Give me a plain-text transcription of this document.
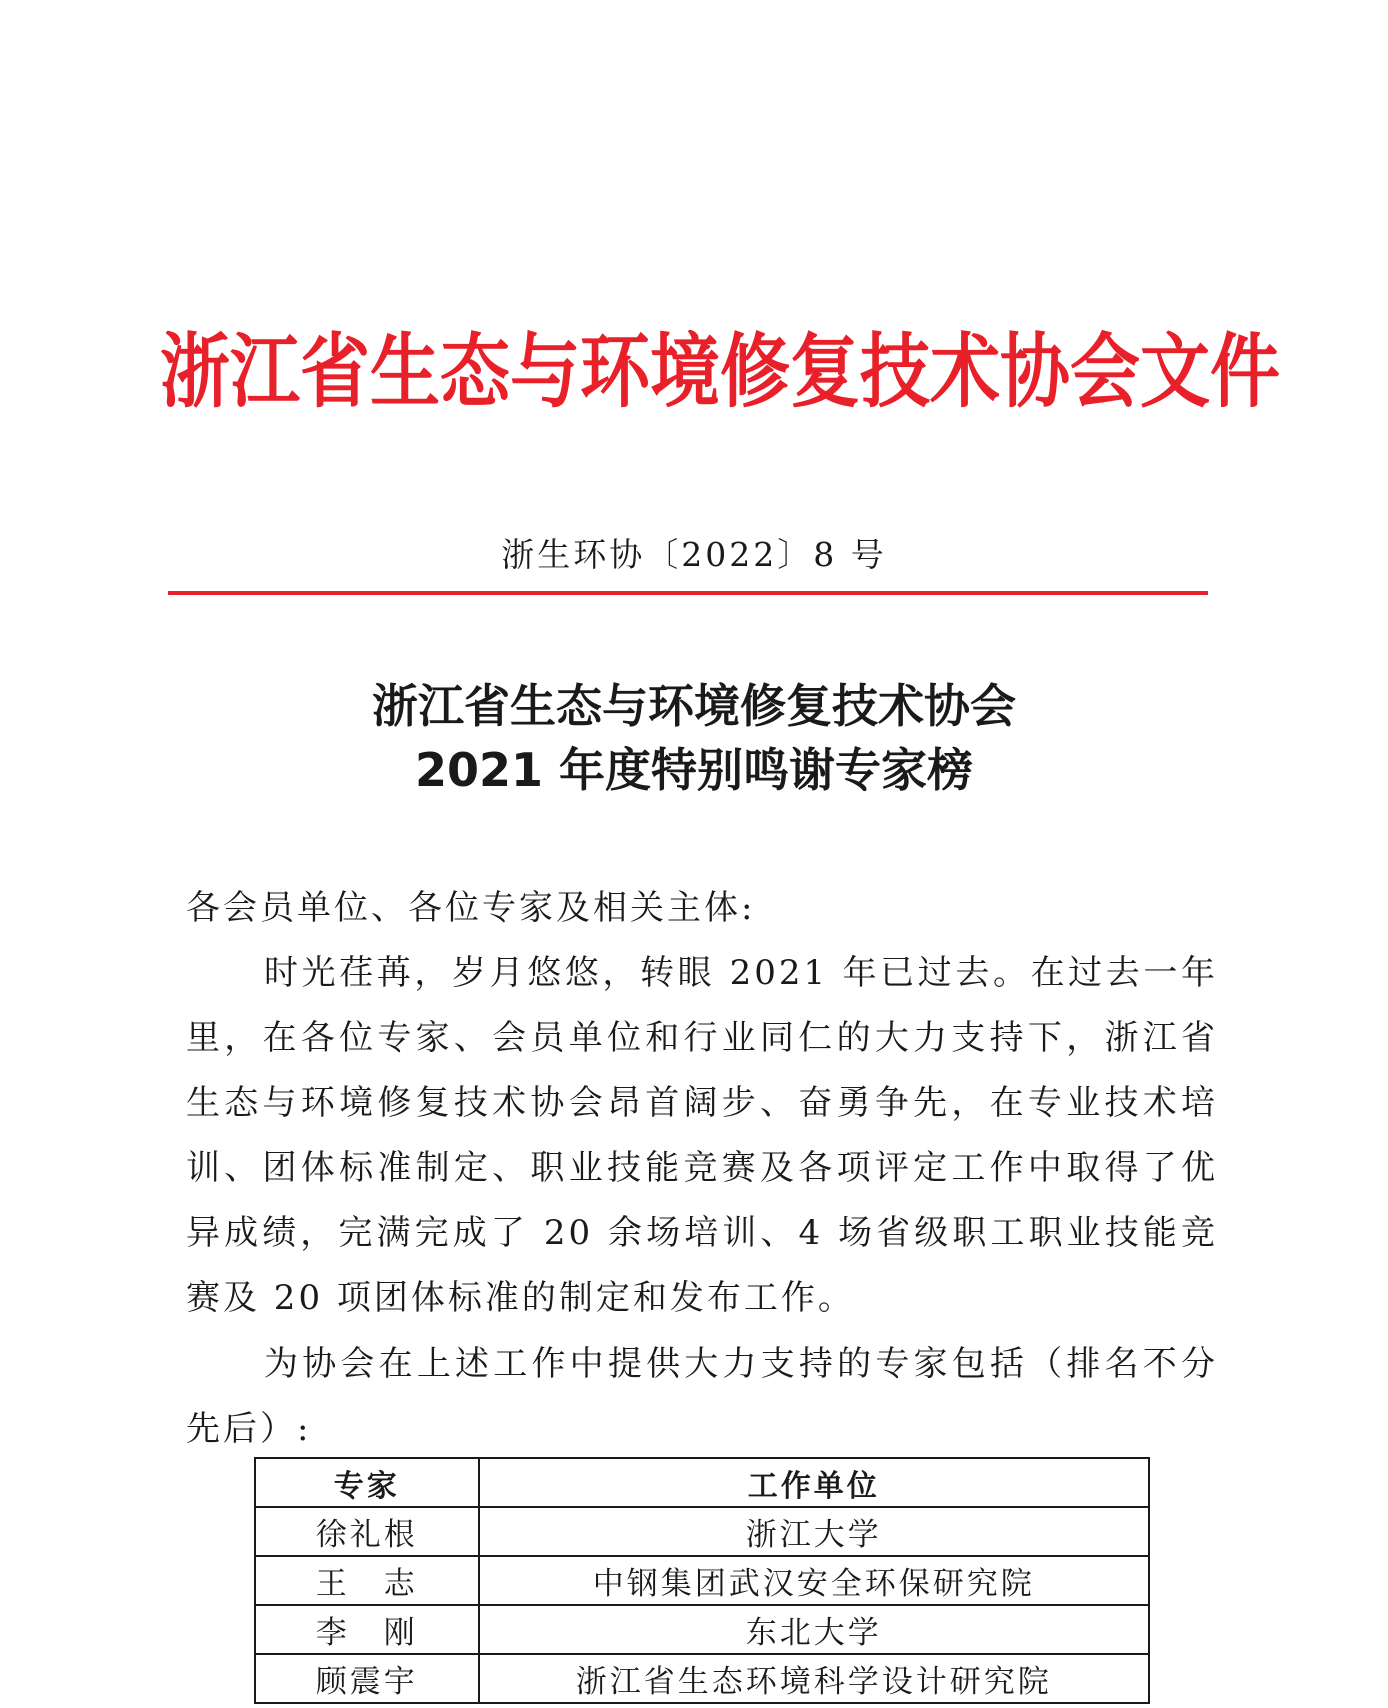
浙江省生态与环境修复技术协会文件
浙生环协〔2022〕8 号
浙江省生态与环境修复技术协会
2021 年度特别鸣谢专家榜
各会员单位、各位专家及相关主体:
时光荏苒，岁月悠悠，转眼 2021 年已过去。在过去一年里，在各位专家、会员单位和行业同仁的大力支持下，浙江省生态与环境修复技术协会昂首阔步、奋勇争先，在专业技术培训、团体标准制定、职业技能竞赛及各项评定工作中取得了优异成绩，完满完成了 20 余场培训、4 场省级职工职业技能竞赛及 20 项团体标准的制定和发布工作。
为协会在上述工作中提供大力支持的专家包括（排名不分先后）:
专家	工作单位
徐礼根	浙江大学
王　志	中钢集团武汉安全环保研究院
李　刚	东北大学
顾震宇	浙江省生态环境科学设计研究院
